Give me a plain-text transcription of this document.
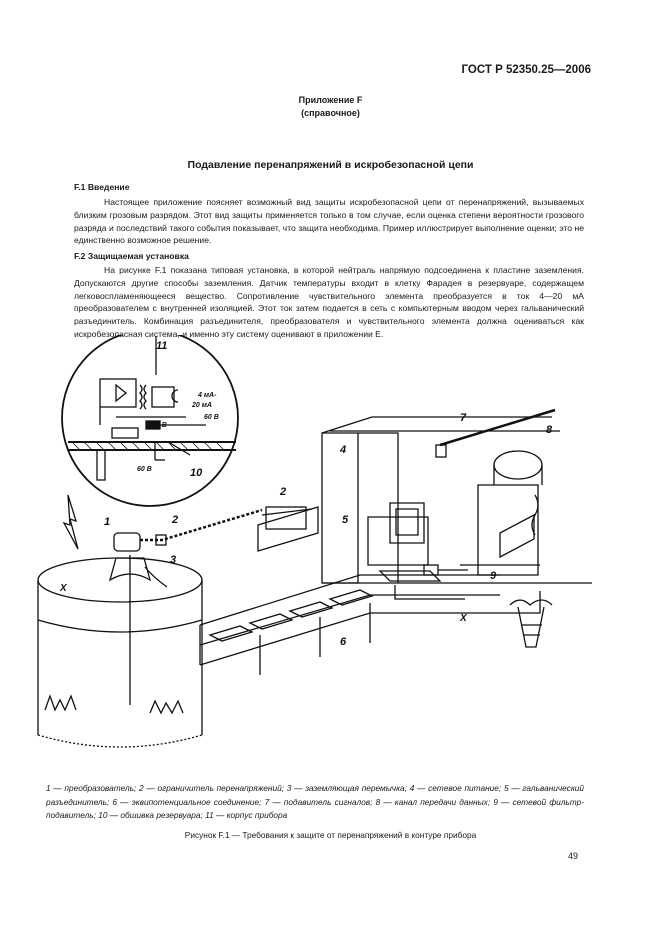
ГОСТ Р 52350.25—2006
Приложение F
(справочное)
Подавление перенапряжений в искробезопасной цепи
F.1 Введение

Настоящее приложение поясняет возможный вид защиты искробезопасной цепи от перенапряжений, вызываемых близким грозовым разрядом. Этот вид защиты применяется только в том случае, если оценка степени вероятности грозового разряда и последствий такого события показывает, что защита необходима. Пример иллюстрирует выполнение оценки; это не единственно возможное решение.

F.2 Защищаемая установка

На рисунке F.1 показана типовая установка, в которой нейтраль напрямую подсоединена к пластине заземления. Допускаются другие способы заземления. Датчик температуры входит в клетку Фарадея в резервуаре, содержащем легковоспламеняющееся вещество. Сопротивление чувствительного элемента преобразуется в ток 4—20 мА преобразователем с внутренней изоляцией. Этот ток затем подается в сеть с компьютерным вводом через гальванический разъединитель. Комбинация разъединителя, преобразователя и чувствительного элемента должна оцениваться как искробезопасная система, и именно эту систему оценивают в приложении Е.

4 мА-
20 мА
60 В
60 В
60 В
11
10
1	2
3
2
4
5
6
7
8
9
X
X
1 — преобразователь; 2 — ограничитель перенапряжений; 3 — заземляющая перемычка; 4 — сетевое питание; 5 — гальванический разъединитель; 6 — эквипотенциальное соединение; 7 — подавитель сигналов; 8 — канал передачи данных; 9 — сетевой фильтр-подавитель; 10 — обшивка резервуара; 11 — корпус прибора
Рисунок F.1 — Требования к защите от перенапряжений в контуре прибора
49
